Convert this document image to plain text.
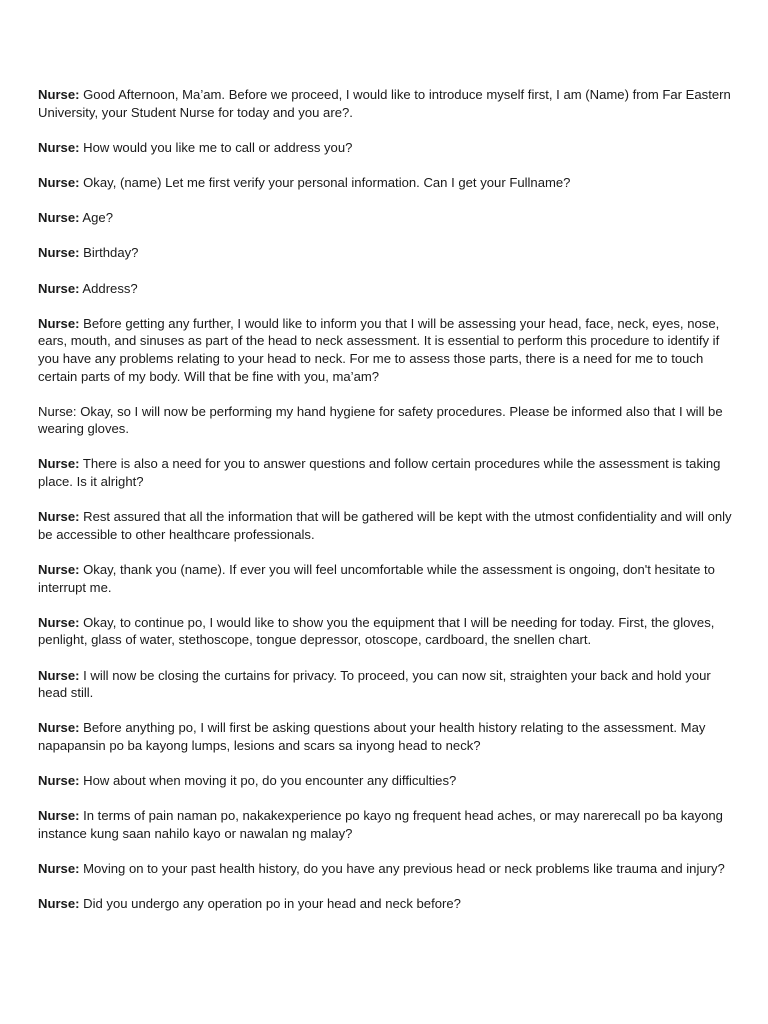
Nurse: Good Afternoon, Ma’am. Before we proceed, I would like to introduce myself first, I am (Name) from Far Eastern University, your Student Nurse for today and you are?.

Nurse: How would you like me to call or address you?

Nurse: Okay, (name) Let me first verify your personal information. Can I get your Fullname?

Nurse: Age?

Nurse: Birthday?

Nurse: Address?

Nurse: Before getting any further, I would like to inform you that I will be assessing your head, face, neck, eyes, nose, ears, mouth, and sinuses as part of the head to neck assessment. It is essential to perform this procedure to identify if you have any problems relating to your head to neck. For me to assess those parts, there is a need for me to touch certain parts of my body. Will that be fine with you, ma’am?

Nurse: Okay, so I will now be performing my hand hygiene for safety procedures. Please be informed also that I will be wearing gloves.

Nurse: There is also a need for you to answer questions and follow certain procedures while the assessment is taking place. Is it alright?

Nurse: Rest assured that all the information that will be gathered will be kept with the utmost confidentiality and will only be accessible to other healthcare professionals.

Nurse: Okay, thank you (name). If ever you will feel uncomfortable while the assessment is ongoing, don't hesitate to interrupt me.

Nurse: Okay, to continue po, I would like to show you the equipment that I will be needing for today. First, the gloves, penlight, glass of water, stethoscope, tongue depressor, otoscope, cardboard, the snellen chart.

Nurse: I will now be closing the curtains for privacy. To proceed, you can now sit, straighten your back and hold your head still.

Nurse: Before anything po, I will first be asking questions about your health history relating to the assessment. May napapansin po ba kayong lumps, lesions and scars sa inyong head to neck?

Nurse: How about when moving it po, do you encounter any difficulties?

Nurse: In terms of pain naman po, nakakexperience po kayo ng frequent head aches, or may narerecall po ba kayong instance kung saan nahilo kayo or nawalan ng malay?

Nurse: Moving on to your past health history, do you have any previous head or neck problems like trauma and injury?

Nurse: Did you undergo any operation po in your head and neck before?
